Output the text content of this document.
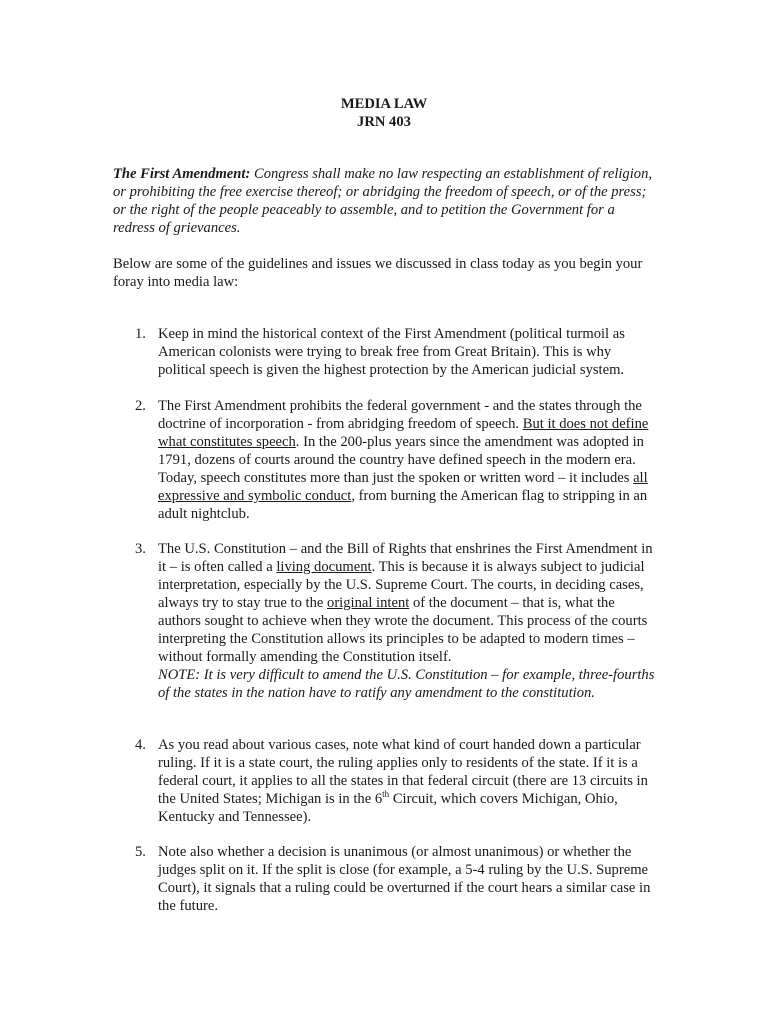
MEDIA LAW
JRN 403

The First Amendment: Congress shall make no law respecting an establishment of religion, or prohibiting the free exercise thereof; or abridging the freedom of speech, or of the press; or the right of the people peaceably to assemble, and to petition the Government for a redress of grievances.

Below are some of the guidelines and issues we discussed in class today as you begin your foray into media law:

1. Keep in mind the historical context of the First Amendment (political turmoil as American colonists were trying to break free from Great Britain). This is why political speech is given the highest protection by the American judicial system.
2. The First Amendment prohibits the federal government - and the states through the doctrine of incorporation - from abridging freedom of speech. But it does not define what constitutes speech. In the 200-plus years since the amendment was adopted in 1791, dozens of courts around the country have defined speech in the modern era. Today, speech constitutes more than just the spoken or written word – it includes all expressive and symbolic conduct, from burning the American flag to stripping in an adult nightclub.
3. The U.S. Constitution – and the Bill of Rights that enshrines the First Amendment in it – is often called a living document. This is because it is always subject to judicial interpretation, especially by the U.S. Supreme Court. The courts, in deciding cases, always try to stay true to the original intent of the document – that is, what the authors sought to achieve when they wrote the document. This process of the courts interpreting the Constitution allows its principles to be adapted to modern times – without formally amending the Constitution itself.
NOTE: It is very difficult to amend the U.S. Constitution – for example, three-fourths of the states in the nation have to ratify any amendment to the constitution.
4. As you read about various cases, note what kind of court handed down a particular ruling. If it is a state court, the ruling applies only to residents of the state. If it is a federal court, it applies to all the states in that federal circuit (there are 13 circuits in the United States; Michigan is in the 6th Circuit, which covers Michigan, Ohio, Kentucky and Tennessee).
5. Note also whether a decision is unanimous (or almost unanimous) or whether the judges split on it. If the split is close (for example, a 5-4 ruling by the U.S. Supreme Court), it signals that a ruling could be overturned if the court hears a similar case in the future.
